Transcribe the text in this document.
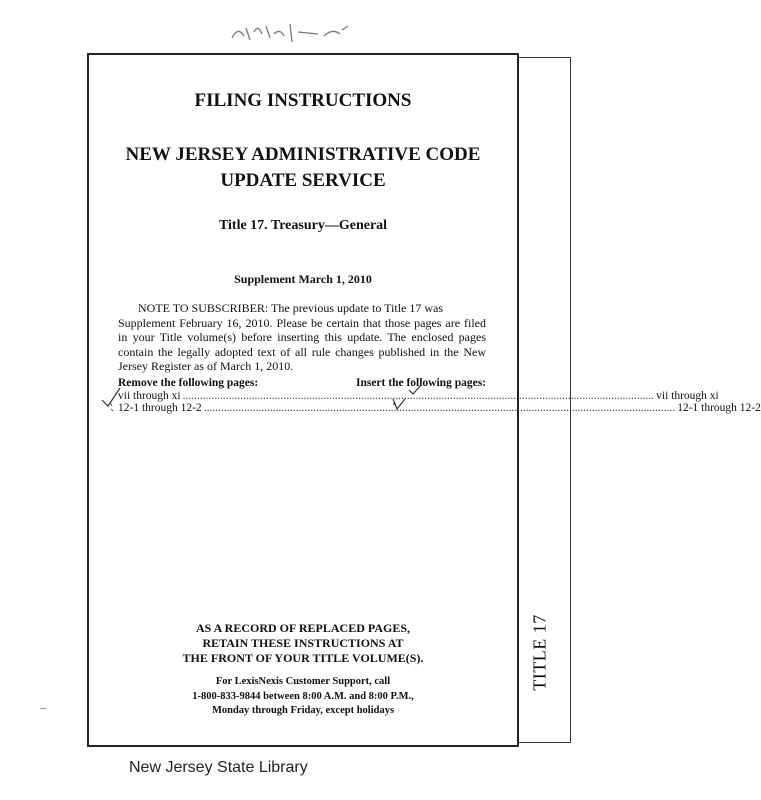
TITLE 17
FILING INSTRUCTIONS
NEW JERSEY ADMINISTRATIVE CODE
UPDATE SERVICE
Title 17. Treasury—General
Supplement March 1, 2010
NOTE TO SUBSCRIBER: The previous update to Title 17 was
Supplement February 16, 2010. Please be certain that those pages are filed in your Title volume(s) before inserting this update. The enclosed pages contain the legally adopted text of all rule changes published in the New Jersey Register as of March 1, 2010.
Remove the following pages:	Insert the following pages:
vii through xi .................................................................................................................................................................... vii through xi
12-1 through 12-2 .................................................................................................................................................................... 12-1 through 12-2
AS A RECORD OF REPLACED PAGES,
RETAIN THESE INSTRUCTIONS AT
THE FRONT OF YOUR TITLE VOLUME(S).
For LexisNexis Customer Support, call
1-800-833-9844 between 8:00 A.M. and 8:00 P.M.,
Monday through Friday, except holidays
New Jersey State Library
